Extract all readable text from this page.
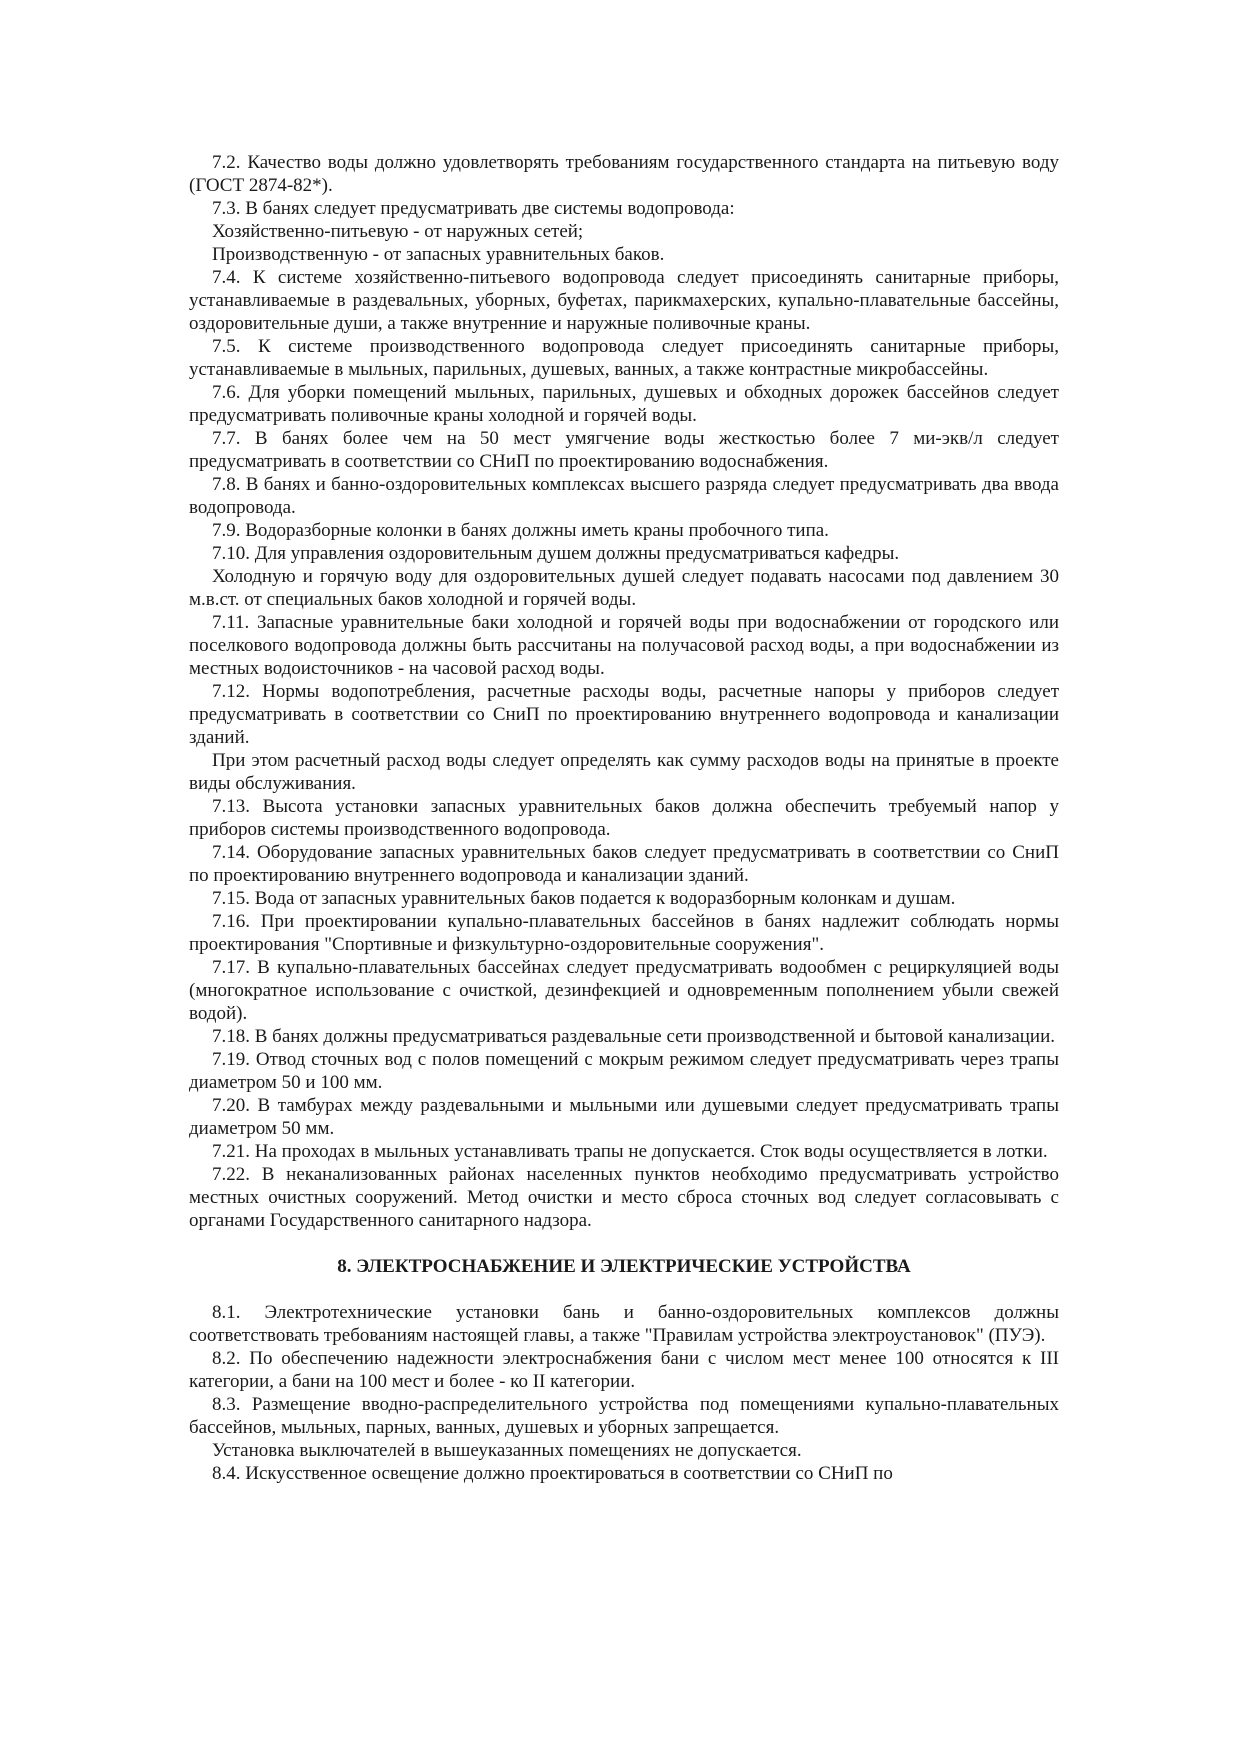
7.2. Качество воды должно удовлетворять требованиям государственного стандарта на питьевую воду (ГОСТ 2874-82*).

7.3. В банях следует предусматривать две системы водопровода:

Хозяйственно-питьевую - от наружных сетей;

Производственную - от запасных уравнительных баков.

7.4. К системе хозяйственно-питьевого водопровода следует присоединять санитарные приборы, устанавливаемые в раздевальных, уборных, буфетах, парикмахерских, купально-плавательные бассейны, оздоровительные души, а также внутренние и наружные поливочные краны.

7.5. К системе производственного водопровода следует присоединять санитарные приборы, устанавливаемые в мыльных, парильных, душевых, ванных, а также контрастные микробассейны.

7.6. Для уборки помещений мыльных, парильных, душевых и обходных дорожек бассейнов следует предусматривать поливочные краны холодной и горячей воды.

7.7. В банях более чем на 50 мест умягчение воды жесткостью более 7 ми-экв/л следует предусматривать в соответствии со СНиП по проектированию водоснабжения.

7.8. В банях и банно-оздоровительных комплексах высшего разряда следует предусматривать два ввода водопровода.

7.9. Водоразборные колонки в банях должны иметь краны пробочного типа.

7.10. Для управления оздоровительным душем должны предусматриваться кафедры.

Холодную и горячую воду для оздоровительных душей следует подавать насосами под давлением 30 м.в.ст. от специальных баков холодной и горячей воды.

7.11. Запасные уравнительные баки холодной и горячей воды при водоснабжении от городского или поселкового водопровода должны быть рассчитаны на получасовой расход воды, а при водоснабжении из местных водоисточников - на часовой расход воды.

7.12. Нормы водопотребления, расчетные расходы воды, расчетные напоры у приборов следует предусматривать в соответствии со СниП по проектированию внутреннего водопровода и канализации зданий.

При этом расчетный расход воды следует определять как сумму расходов воды на принятые в проекте виды обслуживания.

7.13. Высота установки запасных уравнительных баков должна обеспечить требуемый напор у приборов системы производственного водопровода.

7.14. Оборудование запасных уравнительных баков следует предусматривать в соответствии со СниП по проектированию внутреннего водопровода и канализации зданий.

7.15. Вода от запасных уравнительных баков подается к водоразборным колонкам и душам.

7.16. При проектировании купально-плавательных бассейнов в банях надлежит соблюдать нормы проектирования "Спортивные и физкультурно-оздоровительные сооружения".

7.17. В купально-плавательных бассейнах следует предусматривать водообмен с рециркуляцией воды (многократное использование с очисткой, дезинфекцией и одновременным пополнением убыли свежей водой).

7.18. В банях должны предусматриваться раздевальные сети производственной и бытовой канализации.

7.19. Отвод сточных вод с полов помещений с мокрым режимом следует предусматривать через трапы диаметром 50 и 100 мм.

7.20. В тамбурах между раздевальными и мыльными или душевыми следует предусматривать трапы диаметром 50 мм.

7.21. На проходах в мыльных устанавливать трапы не допускается. Сток воды осуществляется в лотки.

7.22. В неканализованных районах населенных пунктов необходимо предусматривать устройство местных очистных сооружений. Метод очистки и место сброса сточных вод следует согласовывать с органами Государственного санитарного надзора.

8. ЭЛЕКТРОСНАБЖЕНИЕ И ЭЛЕКТРИЧЕСКИЕ УСТРОЙСТВА

8.1. Электротехнические установки бань и банно-оздоровительных комплексов должны соответствовать требованиям настоящей главы, а также "Правилам устройства электроустановок" (ПУЭ).

8.2. По обеспечению надежности электроснабжения бани с числом мест менее 100 относятся к III категории, а бани на 100 мест и более - ко II категории.

8.3. Размещение вводно-распределительного устройства под помещениями купально-плавательных бассейнов, мыльных, парных, ванных, душевых и уборных запрещается.

Установка выключателей в вышеуказанных помещениях не допускается.

8.4. Искусственное освещение должно проектироваться в соответствии со СНиП по
